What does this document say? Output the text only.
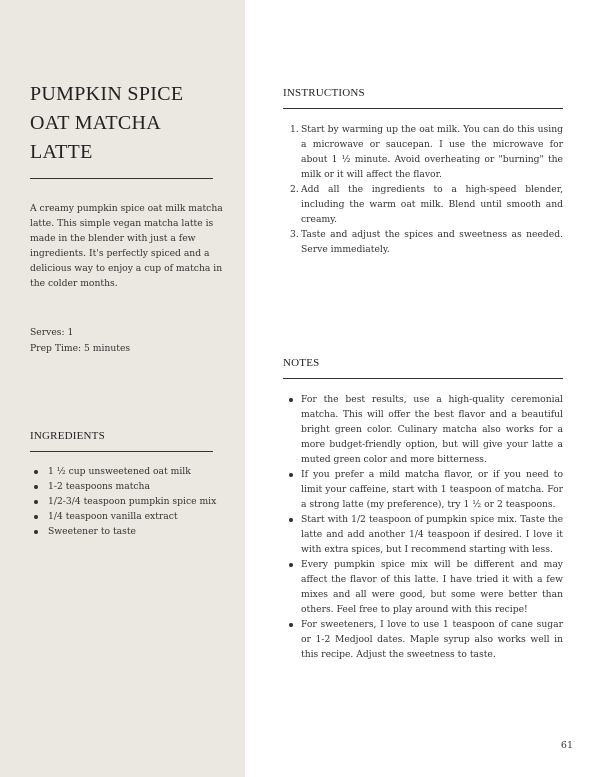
PUMPKIN SPICE
OAT MATCHA
LATTE
A creamy pumpkin spice oat milk matcha latte. This simple vegan matcha latte is made in the blender with just a few ingredients. It's perfectly spiced and a delicious way to enjoy a cup of matcha in the colder months.
Serves: 1
Prep Time: 5 minutes
INGREDIENTS
1 ½ cup unsweetened oat milk
1-2 teaspoons matcha
1/2-3/4 teaspoon pumpkin spice mix
1/4 teaspoon vanilla extract
Sweetener to taste
INSTRUCTIONS
1. Start by warming up the oat milk. You can do this using a microwave or saucepan. I use the microwave for about 1 ½ minute. Avoid overheating or "burning" the milk or it will affect the flavor.
2. Add all the ingredients to a high-speed blender, including the warm oat milk. Blend until smooth and creamy.
3. Taste and adjust the spices and sweetness as needed. Serve immediately.
NOTES
For the best results, use a high-quality ceremonial matcha. This will offer the best flavor and a beautiful bright green color. Culinary matcha also works for a more budget-friendly option, but will give your latte a muted green color and more bitterness.
If you prefer a mild matcha flavor, or if you need to limit your caffeine, start with 1 teaspoon of matcha. For a strong latte (my preference), try 1 ½ or 2 teaspoons.
Start with 1/2 teaspoon of pumpkin spice mix. Taste the latte and add another 1/4 teaspoon if desired. I love it with extra spices, but I recommend starting with less.
Every pumpkin spice mix will be different and may affect the flavor of this latte. I have tried it with a few mixes and all were good, but some were better than others. Feel free to play around with this recipe!
For sweeteners, I love to use 1 teaspoon of cane sugar or 1-2 Medjool dates. Maple syrup also works well in this recipe. Adjust the sweetness to taste.
61
